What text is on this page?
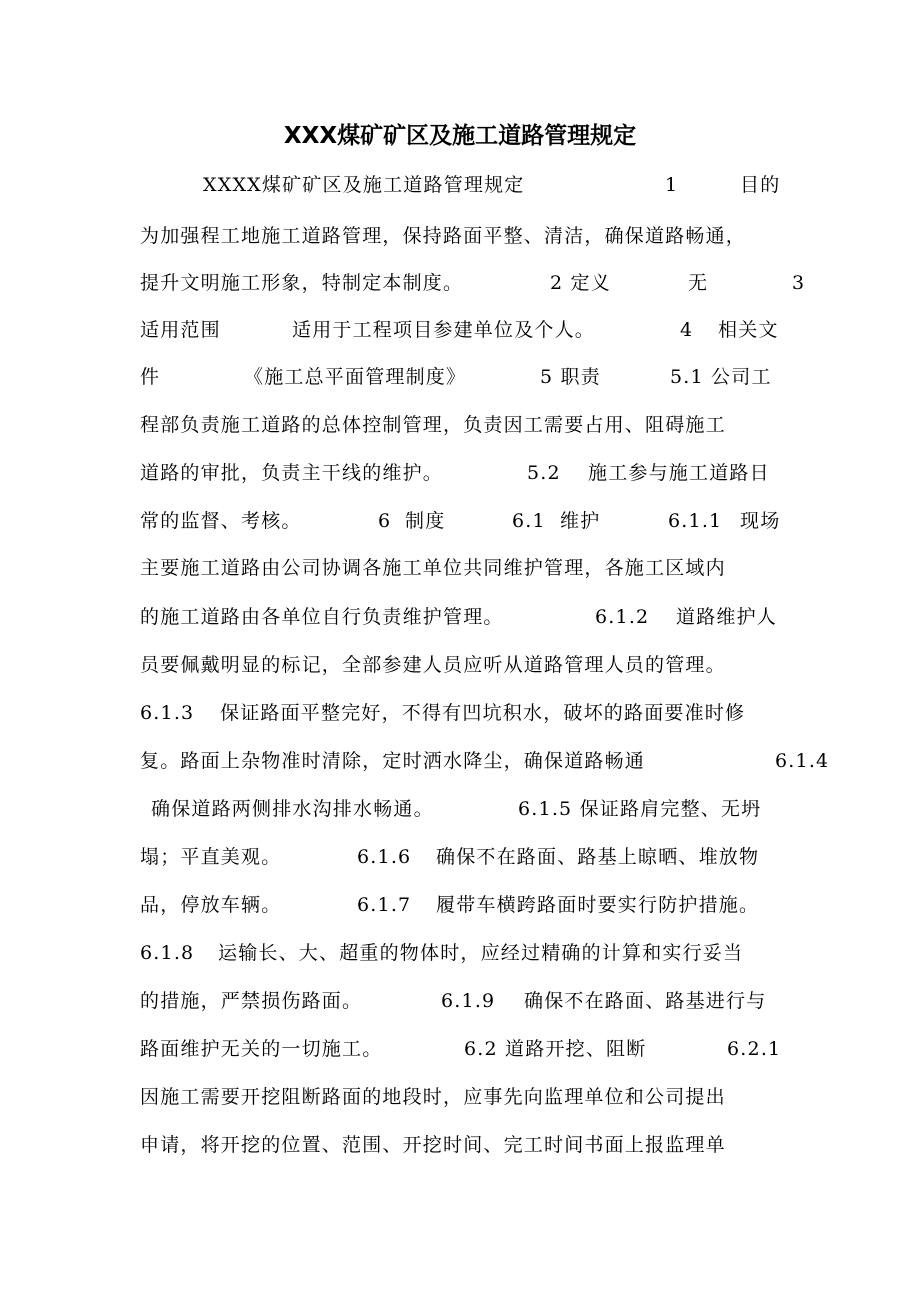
XXX煤矿矿区及施工道路管理规定
XXXX煤矿矿区及施工道路管理规定	1	目的
为加强程工地施工道路管理，保持路面平整、清洁，确保道路畅通，
提升文明施工形象，特制定本制度。	2 定义	无	3
适用范围	适用于工程项目参建单位及个人。	4 相关文
件	《施工总平面管理制度》	5 职责	5.1 公司工
程部负责施工道路的总体控制管理，负责因工需要占用、阻碍施工
道路的审批，负责主干线的维护。	5.2 施工参与施工道路日
常的监督、考核。	6 制度	6.1 维护	6.1.1 现场
主要施工道路由公司协调各施工单位共同维护管理，各施工区域内
的施工道路由各单位自行负责维护管理。	6.1.2 道路维护人
员要佩戴明显的标记，全部参建人员应听从道路管理人员的管理。
6.1.3 保证路面平整完好，不得有凹坑积水，破坏的路面要准时修
复。路面上杂物准时清除，定时洒水降尘，确保道路畅通	6.1.4
确保道路两侧排水沟排水畅通。	6.1.5 保证路肩完整、无坍
塌；平直美观。	6.1.6 确保不在路面、路基上晾晒、堆放物
品，停放车辆。	6.1.7 履带车横跨路面时要实行防护措施。
6.1.8 运输长、大、超重的物体时，应经过精确的计算和实行妥当
的措施，严禁损伤路面。	6.1.9 确保不在路面、路基进行与
路面维护无关的一切施工。	6.2 道路开挖、阻断	6.2.1
因施工需要开挖阻断路面的地段时，应事先向监理单位和公司提出
申请，将开挖的位置、范围、开挖时间、完工时间书面上报监理单
